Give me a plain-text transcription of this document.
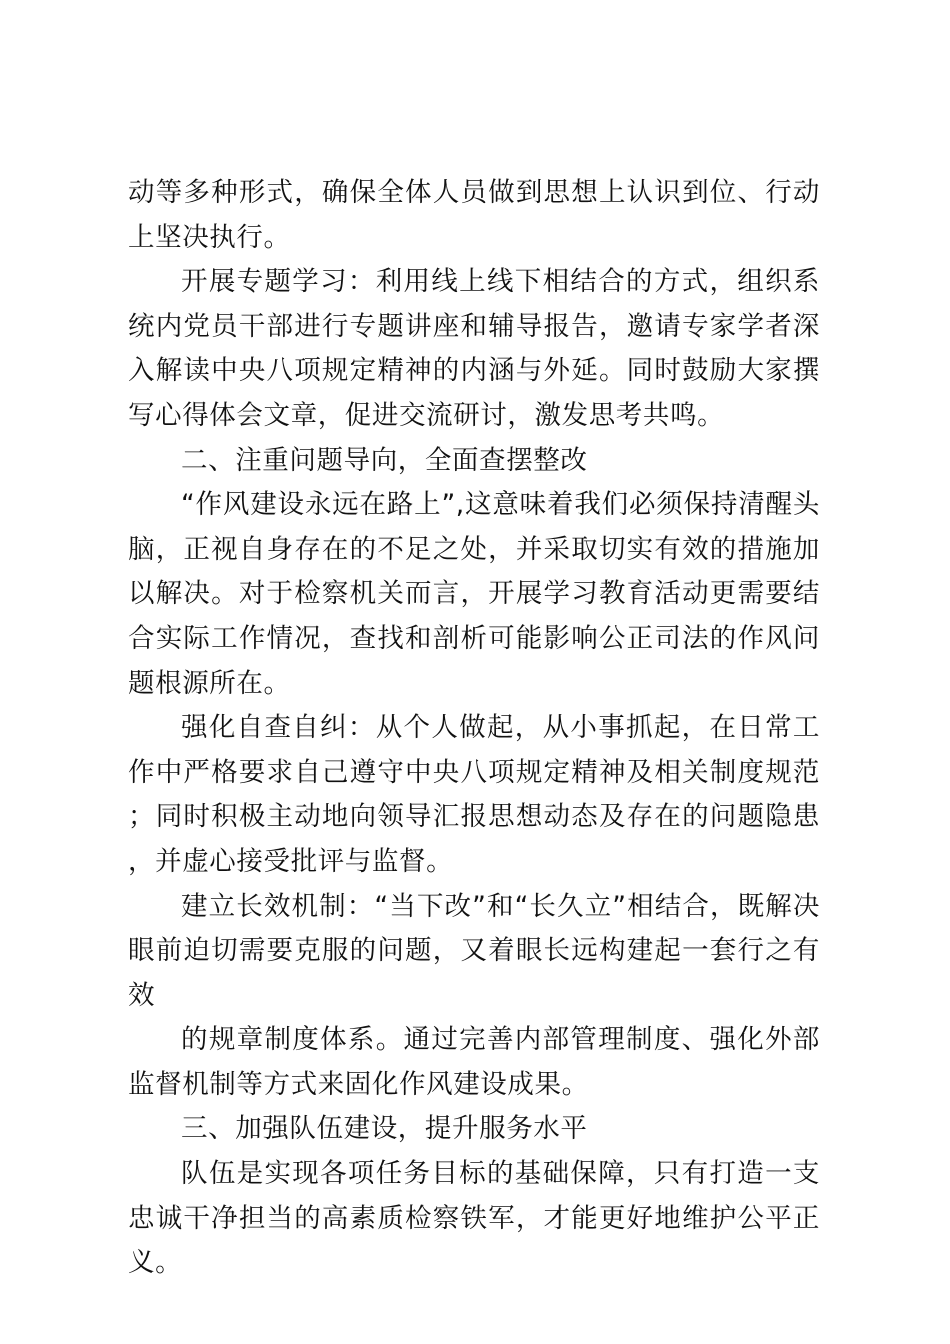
动等多种形式，确保全体人员做到思想上认识到位、行动上坚决执行。

开展专题学习：利用线上线下相结合的方式，组织系统内党员干部进行专题讲座和辅导报告，邀请专家学者深入解读中央八项规定精神的内涵与外延。同时鼓励大家撰写心得体会文章，促进交流研讨，激发思考共鸣。

二、注重问题导向，全面查摆整改

“作风建设永远在路上”,这意味着我们必须保持清醒头脑，正视自身存在的不足之处，并采取切实有效的措施加以解决。对于检察机关而言，开展学习教育活动更需要结合实际工作情况，查找和剖析可能影响公正司法的作风问题根源所在。

强化自查自纠：从个人做起，从小事抓起，在日常工作中严格要求自己遵守中央八项规定精神及相关制度规范；同时积极主动地向领导汇报思想动态及存在的问题隐患，并虚心接受批评与监督。

建立长效机制：“当下改”和“长久立”相结合，既解决眼前迫切需要克服的问题，又着眼长远构建起一套行之有效

的规章制度体系。通过完善内部管理制度、强化外部监督机制等方式来固化作风建设成果。

三、加强队伍建设，提升服务水平

队伍是实现各项任务目标的基础保障，只有打造一支忠诚干净担当的高素质检察铁军，才能更好地维护公平正义。
